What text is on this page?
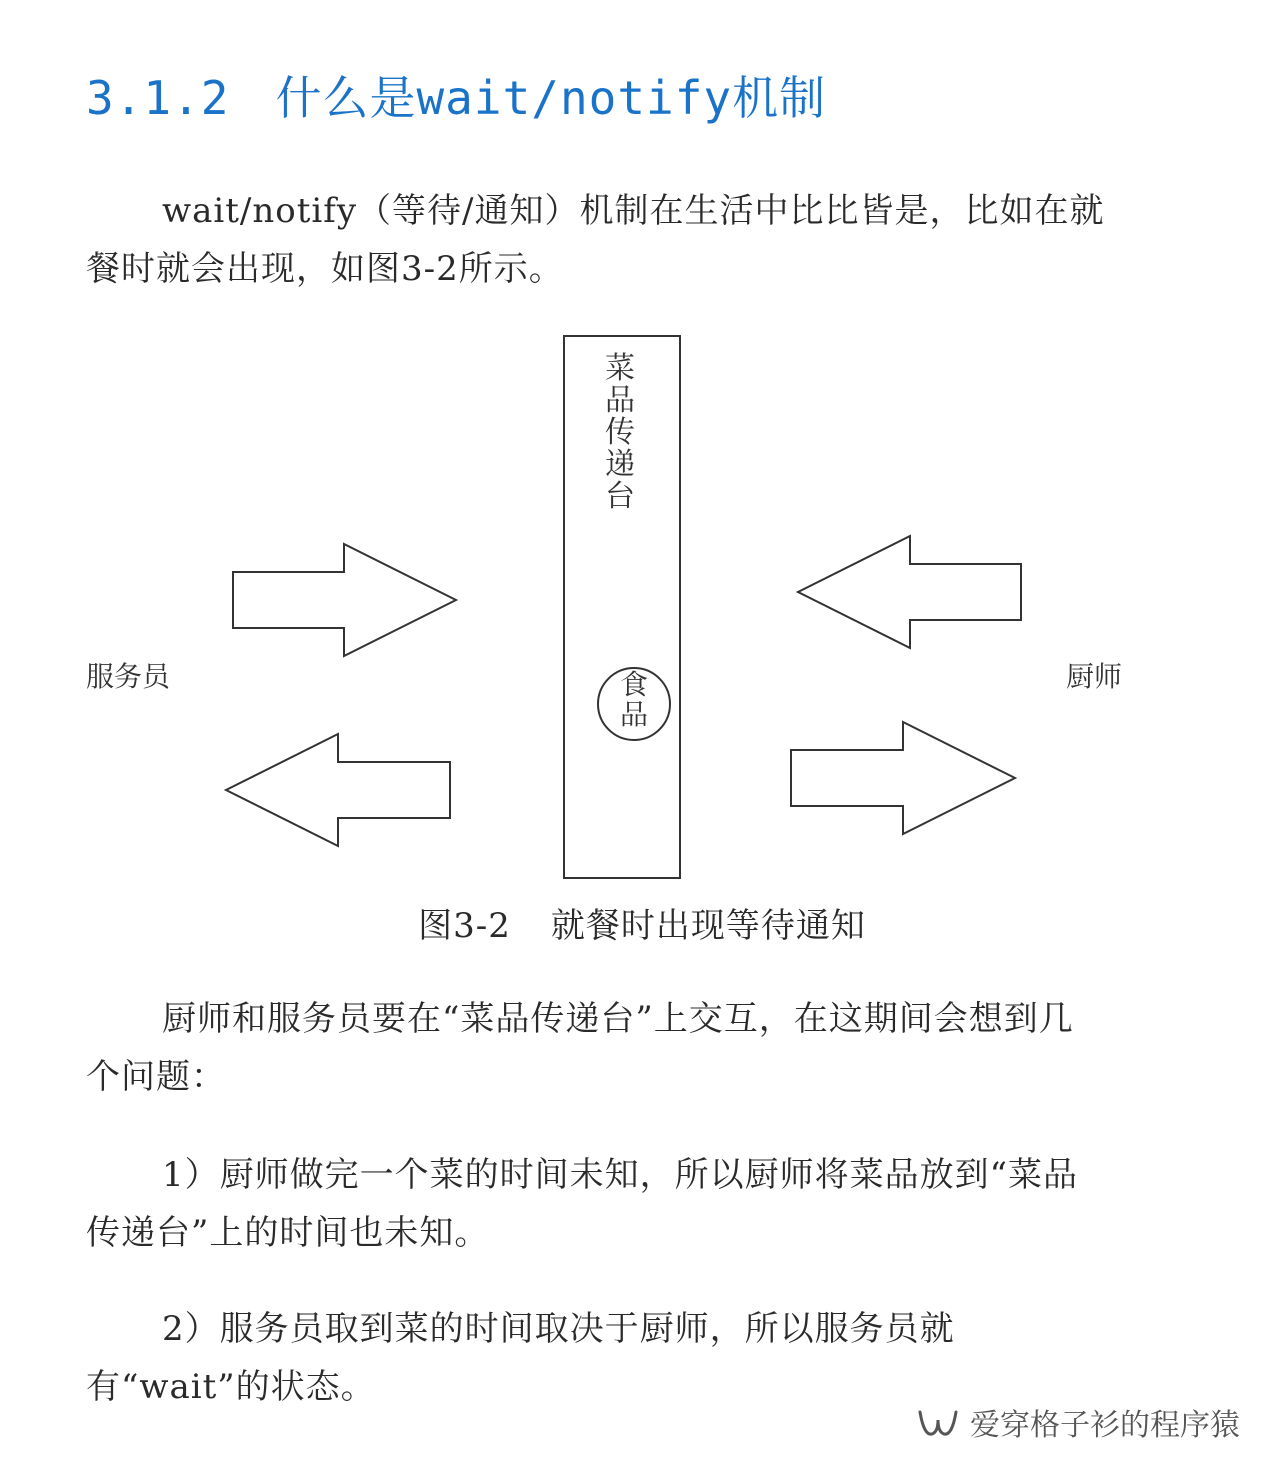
3.1.2 什么是wait/notify机制
wait/notify（等待/通知）机制在生活中比比皆是，比如在就餐时就会出现，如图3-2所示。
菜品传递台
食品
服务员	厨师
图3-2 就餐时出现等待通知
厨师和服务员要在“菜品传递台”上交互，在这期间会想到几个问题：
1）厨师做完一个菜的时间未知，所以厨师将菜品放到“菜品传递台”上的时间也未知。
2）服务员取到菜的时间取决于厨师，所以服务员就有“wait”的状态。
爱穿格子衫的程序猿
